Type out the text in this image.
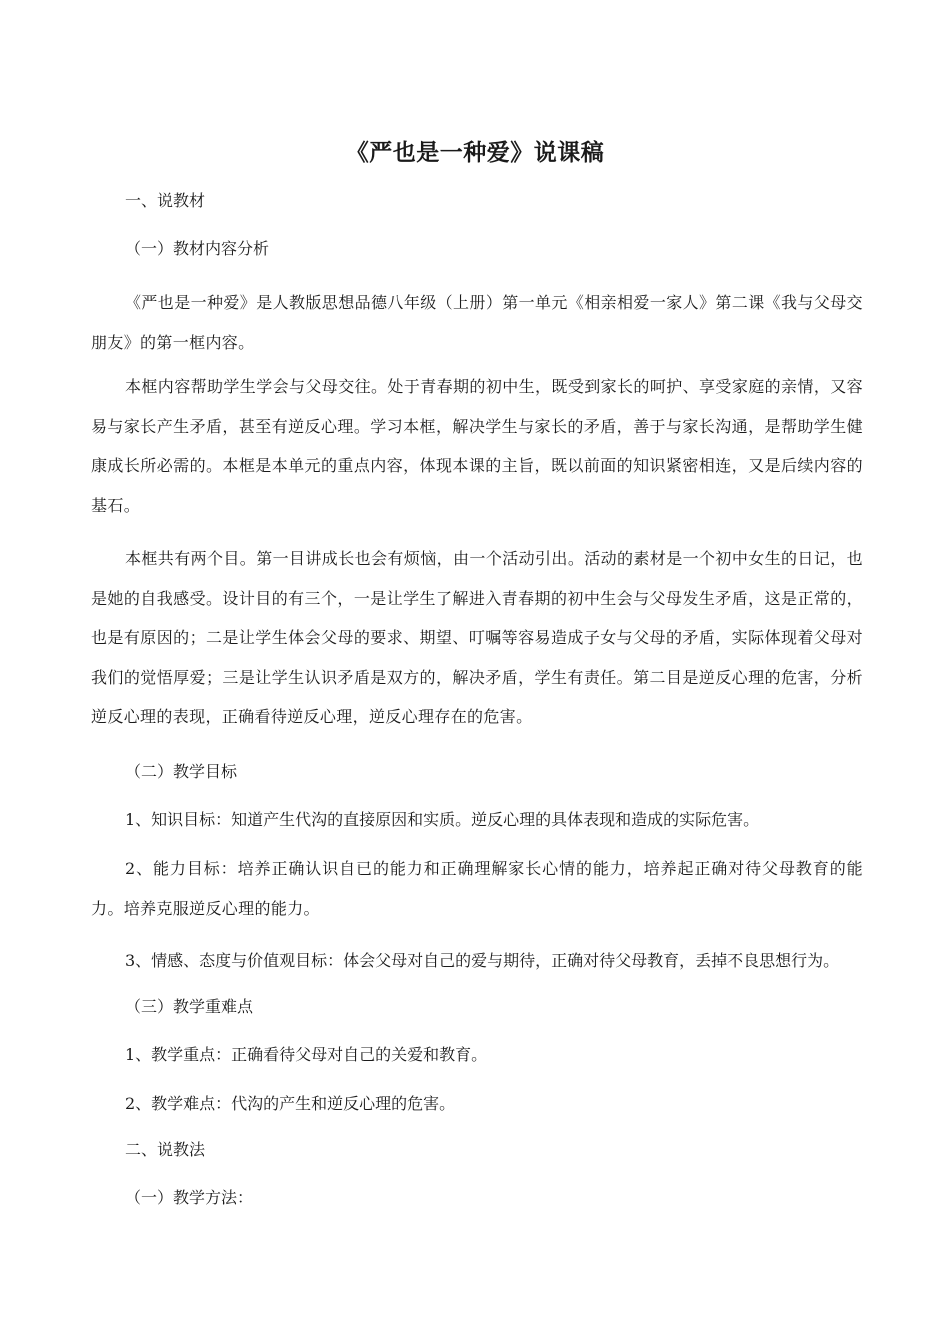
《严也是一种爱》说课稿
一、说教材
（一）教材内容分析

《严也是一种爱》是人教版思想品德八年级（上册）第一单元《相亲相爱一家人》第二课《我与父母交朋友》的第一框内容。

本框内容帮助学生学会与父母交往。处于青春期的初中生，既受到家长的呵护、享受家庭的亲情，又容易与家长产生矛盾，甚至有逆反心理。学习本框，解决学生与家长的矛盾，善于与家长沟通，是帮助学生健康成长所必需的。本框是本单元的重点内容，体现本课的主旨，既以前面的知识紧密相连，又是后续内容的基石。

本框共有两个目。第一目讲成长也会有烦恼，由一个活动引出。活动的素材是一个初中女生的日记，也是她的自我感受。设计目的有三个，一是让学生了解进入青春期的初中生会与父母发生矛盾，这是正常的，也是有原因的；二是让学生体会父母的要求、期望、叮嘱等容易造成子女与父母的矛盾，实际体现着父母对我们的觉悟厚爱；三是让学生认识矛盾是双方的，解决矛盾，学生有责任。第二目是逆反心理的危害，分析逆反心理的表现，正确看待逆反心理，逆反心理存在的危害。

（二）教学目标

1、知识目标：知道产生代沟的直接原因和实质。逆反心理的具体表现和造成的实际危害。

2、能力目标：培养正确认识自已的能力和正确理解家长心情的能力，培养起正确对待父母教育的能力。培养克服逆反心理的能力。

3、情感、态度与价值观目标：体会父母对自己的爱与期待，正确对待父母教育，丢掉不良思想行为。

（三）教学重难点

1、教学重点：正确看待父母对自己的关爱和教育。

2、教学难点：代沟的产生和逆反心理的危害。

二、说教法
（一）教学方法：
